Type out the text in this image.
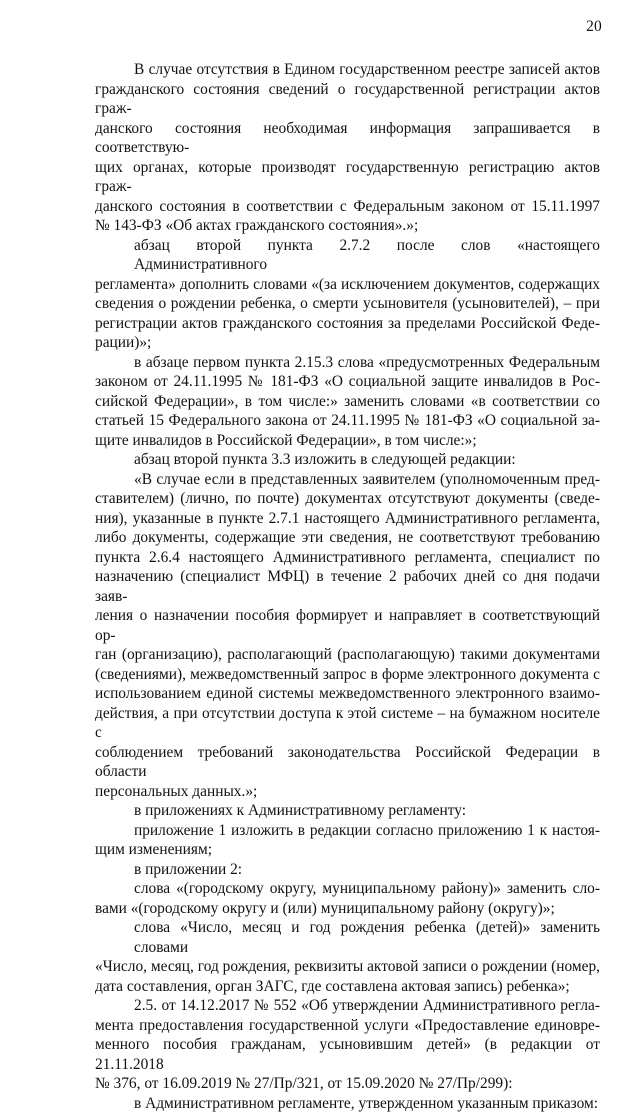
20
В случае отсутствия в Едином государственном реестре записей актов
гражданского состояния сведений о государственной регистрации актов граж-
данского состояния необходимая информация запрашивается в соответствую-
щих органах, которые производят государственную регистрацию актов граж-
данского состояния в соответствии с Федеральным законом от 15.11.1997
№ 143-ФЗ «Об актах гражданского состояния».»;
абзац второй пункта 2.7.2 после слов «настоящего Административного
регламента» дополнить словами «(за исключением документов, содержащих
сведения о рождении ребенка, о смерти усыновителя (усыновителей), – при
регистрации актов гражданского состояния за пределами Российской Феде-
рации)»;
в абзаце первом пункта 2.15.3 слова «предусмотренных Федеральным
законом от 24.11.1995 № 181-ФЗ «О социальной защите инвалидов в Рос-
сийской Федерации», в том числе:» заменить словами «в соответствии со
статьей 15 Федерального закона от 24.11.1995 № 181-ФЗ «О социальной за-
щите инвалидов в Российской Федерации», в том числе:»;
абзац второй пункта 3.3 изложить в следующей редакции:
«В случае если в представленных заявителем (уполномоченным пред-
ставителем) (лично, по почте) документах отсутствуют документы (сведе-
ния), указанные в пункте 2.7.1 настоящего Административного регламента,
либо документы, содержащие эти сведения, не соответствуют требованию
пункта 2.6.4 настоящего Административного регламента, специалист по
назначению (специалист МФЦ) в течение 2 рабочих дней со дня подачи заяв-
ления о назначении пособия формирует и направляет в соответствующий ор-
ган (организацию), располагающий (располагающую) такими документами
(сведениями), межведомственный запрос в форме электронного документа с
использованием единой системы межведомственного электронного взаимо-
действия, а при отсутствии доступа к этой системе – на бумажном носителе с
соблюдением требований законодательства Российской Федерации в области
персональных данных.»;
в приложениях к Административному регламенту:
приложение 1 изложить в редакции согласно приложению 1 к настоя-
щим изменениям;
в приложении 2:
слова «(городскому округу, муниципальному району)» заменить сло-
вами «(городскому округу и (или) муниципальному району (округу)»;
слова «Число, месяц и год рождения ребенка (детей)» заменить словами
«Число, месяц, год рождения, реквизиты актовой записи о рождении (номер,
дата составления, орган ЗАГС, где составлена актовая запись) ребенка»;
2.5. от 14.12.2017 № 552 «Об утверждении Административного регла-
мента предоставления государственной услуги «Предоставление единовре-
менного пособия гражданам, усыновившим детей» (в редакции от 21.11.2018
№ 376, от 16.09.2019 № 27/Пр/321, от 15.09.2020 № 27/Пр/299):
в Административном регламенте, утвержденном указанным приказом:
